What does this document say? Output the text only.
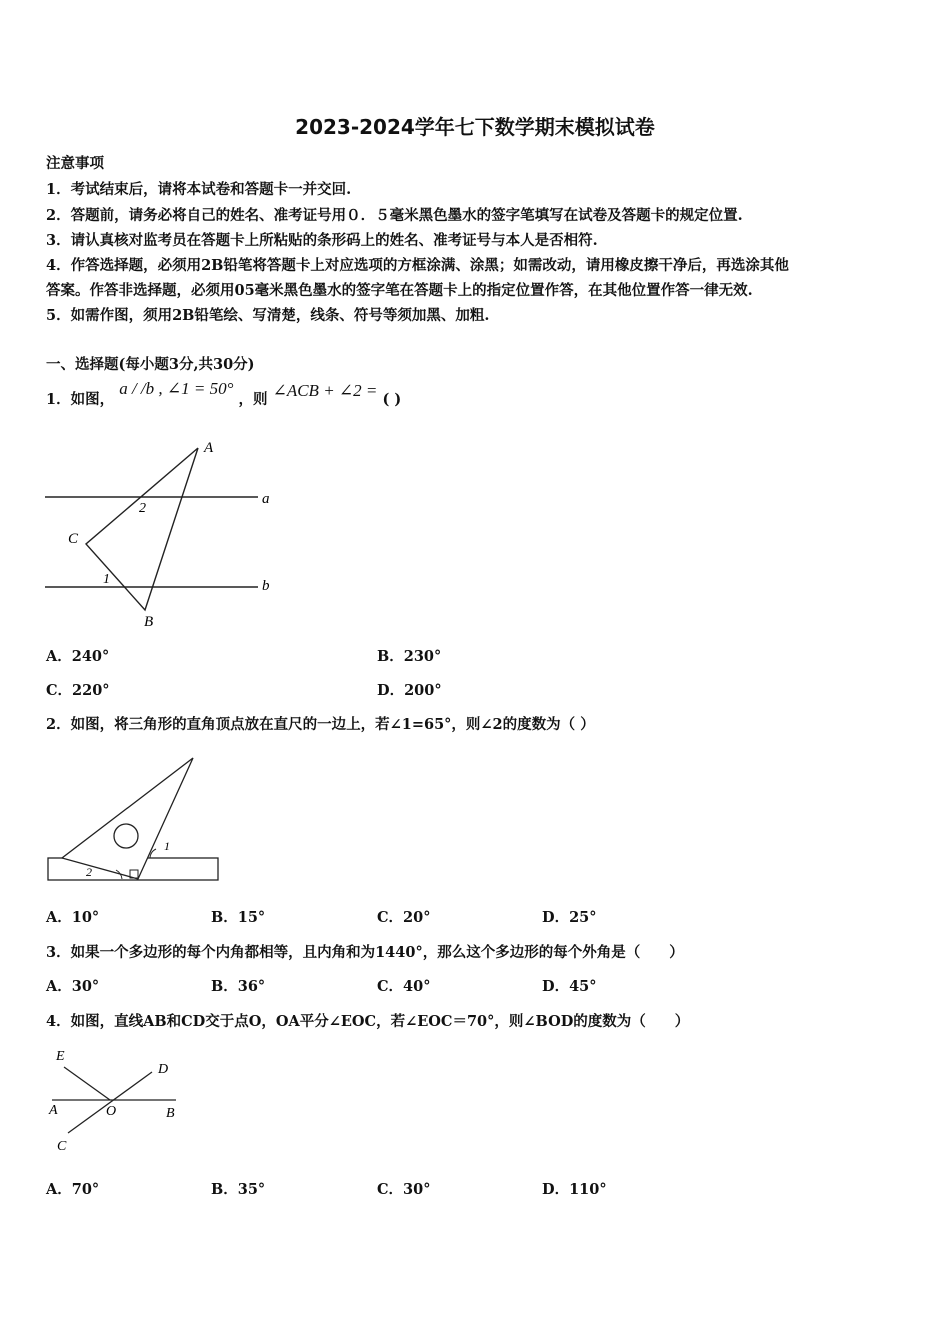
2023-2024学年七下数学期末模拟试卷
注意事项
1．考试结束后，请将本试卷和答题卡一并交回.
2．答题前，请务必将自己的姓名、准考证号用０．５毫米黑色墨水的签字笔填写在试卷及答题卡的规定位置.
3．请认真核对监考员在答题卡上所粘贴的条形码上的姓名、准考证号与本人是否相符.
4．作答选择题，必须用2B铅笔将答题卡上对应选项的方框涂满、涂黑；如需改动，请用橡皮擦干净后，再选涂其他
答案。作答非选择题，必须用05毫米黑色墨水的签字笔在答题卡上的指定位置作答，在其他位置作答一律无效.
5．如需作图，须用2B铅笔绘、写清楚，线条、符号等须加黑、加粗.
一、选择题(每小题3分,共30分)
1．如图， a / /b , ∠1 = 50° ，则 ∠ACB + ∠2 = ( )
A
B
C
a
b
2
1
A．240°	B．230°
C．220°	D．200°
2．如图，将三角形的直角顶点放在直尺的一边上，若∠1=65°，则∠2的度数为（ ）
1
2
A．10°	B．15°	C．20°	D．25°
3．如果一个多边形的每个内角都相等，且内角和为1440°，那么这个多边形的每个外角是（　　）
A．30°	B．36°	C．40°	D．45°
4．如图，直线AB和CD交于点O，OA平分∠EOC，若∠EOC＝70°，则∠BOD的度数为（　　）
E
D
A	O	B
C
A．70°	B．35°	C．30°	D．110°
